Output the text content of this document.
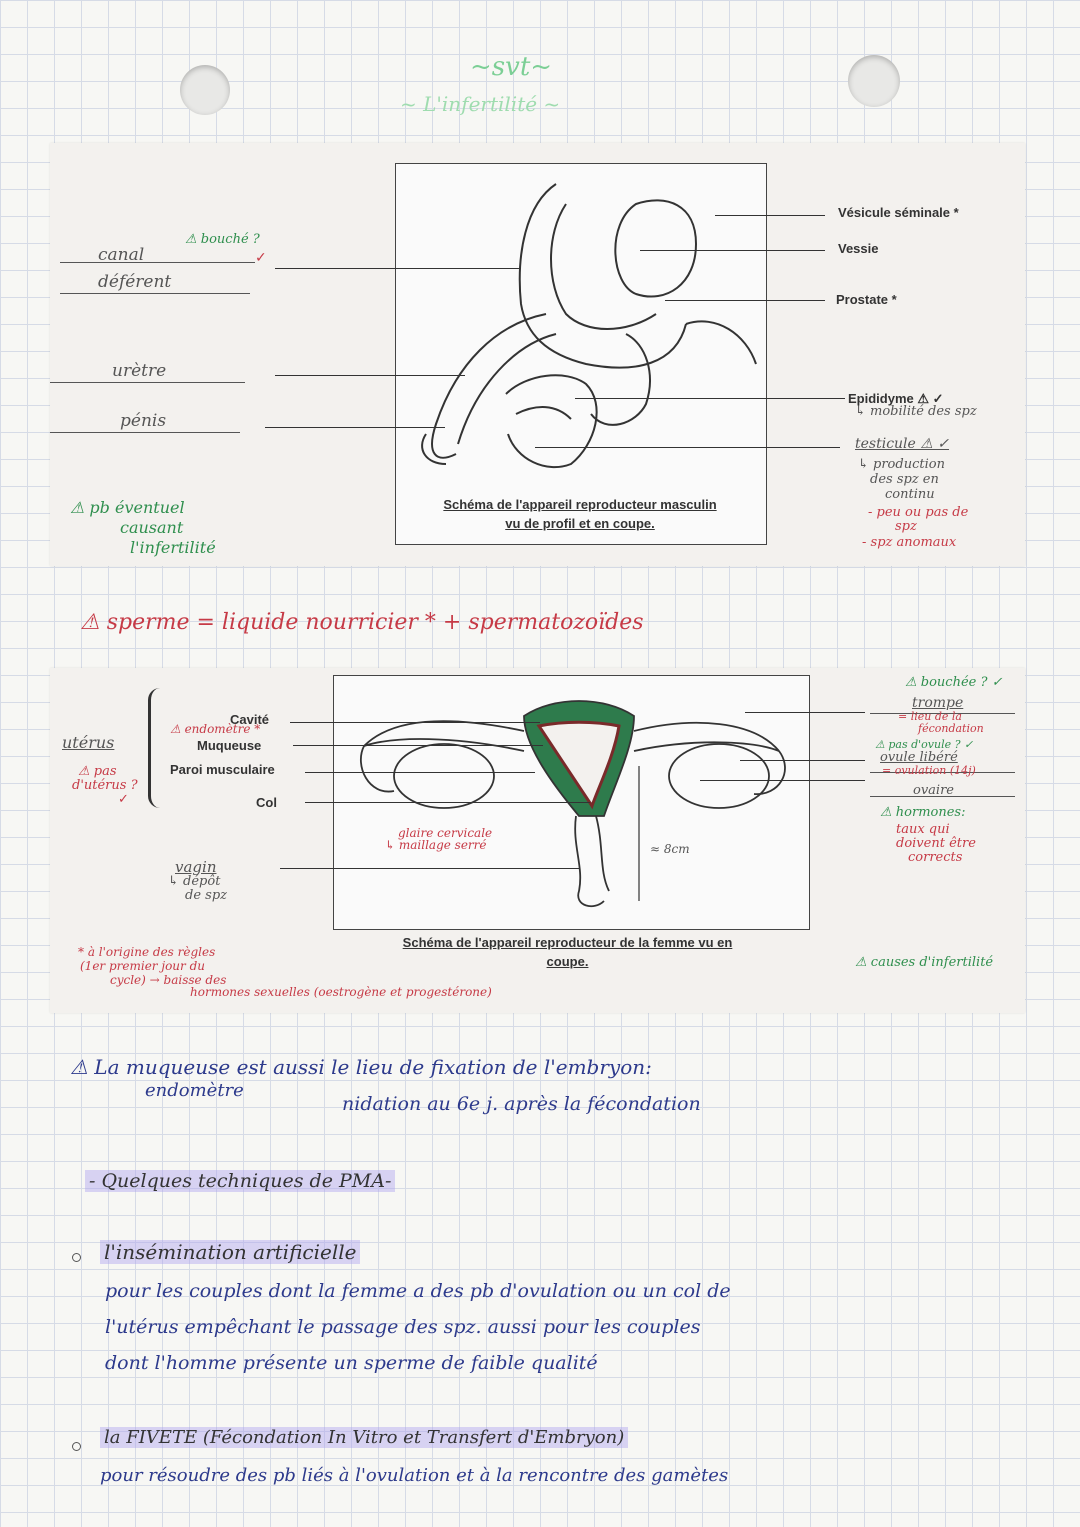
~svt~
~ L'infertilité ~
Schéma de l'appareil reproducteur masculin
vu de profil et en coupe.
Vésicule séminale *
Vessie
Prostate *
Epididyme ⚠ ✓
↳ mobilité des spz
testicule ⚠ ✓
↳ production
des spz en
continu
- peu ou pas de
spz
- spz anomaux
canal
⚠ bouché ?
✓
déférent
urètre
pénis
⚠ pb éventuel
causant
l'infertilité
⚠ sperme = liquide nourricier * + spermatozoïdes
Schéma de l'appareil reproducteur de la femme vu en
coupe.
utérus
⚠ pas
d'utérus ?
✓
Cavité
⚠ endomètre *
Muqueuse
Paroi musculaire
Col
vagin
↳ dépôt
de spz
glaire cervicale
↳ maillage serré	≈ 8cm
⚠ bouchée ? ✓
trompe
= lieu de la
fécondation
⚠ pas d'ovule ? ✓
ovule libéré
= ovulation (14j)
ovaire
⚠ hormones:
taux qui
doivent être
corrects
⚠ causes d'infertilité
* à l'origine des règles
(1er premier jour du
cycle) → baisse des
hormones sexuelles (oestrogène et progestérone)
⚠ La muqueuse est aussi le lieu de fixation de l'embryon:
endomètre
nidation au 6e j. après la fécondation
- Quelques techniques de PMA-
l'insémination artificielle
pour les couples dont la femme a des pb d'ovulation ou un col de
l'utérus empêchant le passage des spz. aussi pour les couples
dont l'homme présente un sperme de faible qualité
la FIVETE (Fécondation In Vitro et Transfert d'Embryon)
pour résoudre des pb liés à l'ovulation et à la rencontre des gamètes
